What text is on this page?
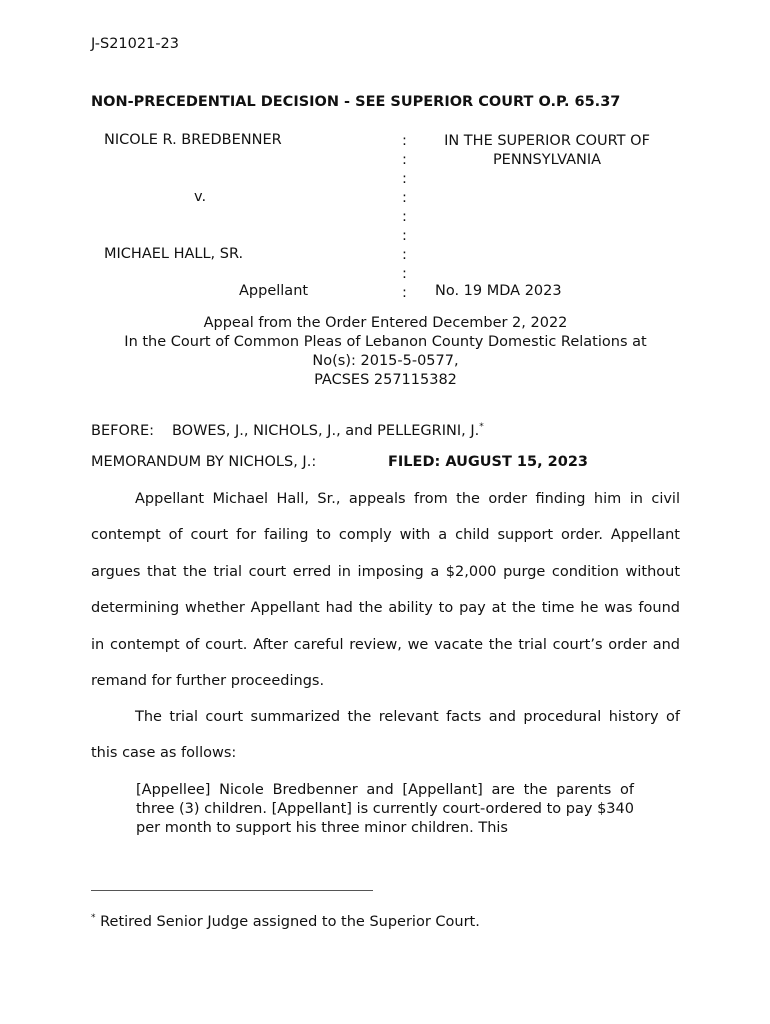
J-S21021-23
NON-PRECEDENTIAL DECISION - SEE SUPERIOR COURT O.P. 65.37
NICOLE R. BREDBENNER
v.
MICHAEL HALL, SR.
Appellant
:
:
:
:
:
:
:
:
:
IN THE SUPERIOR COURT OF
PENNSYLVANIA
No. 19 MDA 2023
Appeal from the Order Entered December 2, 2022
In the Court of Common Pleas of Lebanon County Domestic Relations at
No(s): 2015-5-0577,
PACSES 257115382
BEFORE: BOWES, J., NICHOLS, J., and PELLEGRINI, J.*
MEMORANDUM BY NICHOLS, J.:	FILED: AUGUST 15, 2023

Appellant Michael Hall, Sr., appeals from the order finding him in civil contempt of court for failing to comply with a child support order. Appellant argues that the trial court erred in imposing a $2,000 purge condition without determining whether Appellant had the ability to pay at the time he was found in contempt of court. After careful review, we vacate the trial court’s order and remand for further proceedings.

The trial court summarized the relevant facts and procedural history of this case as follows:

[Appellee] Nicole Bredbenner and [Appellant] are the parents of three (3) children. [Appellant] is currently court-ordered to pay $340 per month to support his three minor children. This

* Retired Senior Judge assigned to the Superior Court.
